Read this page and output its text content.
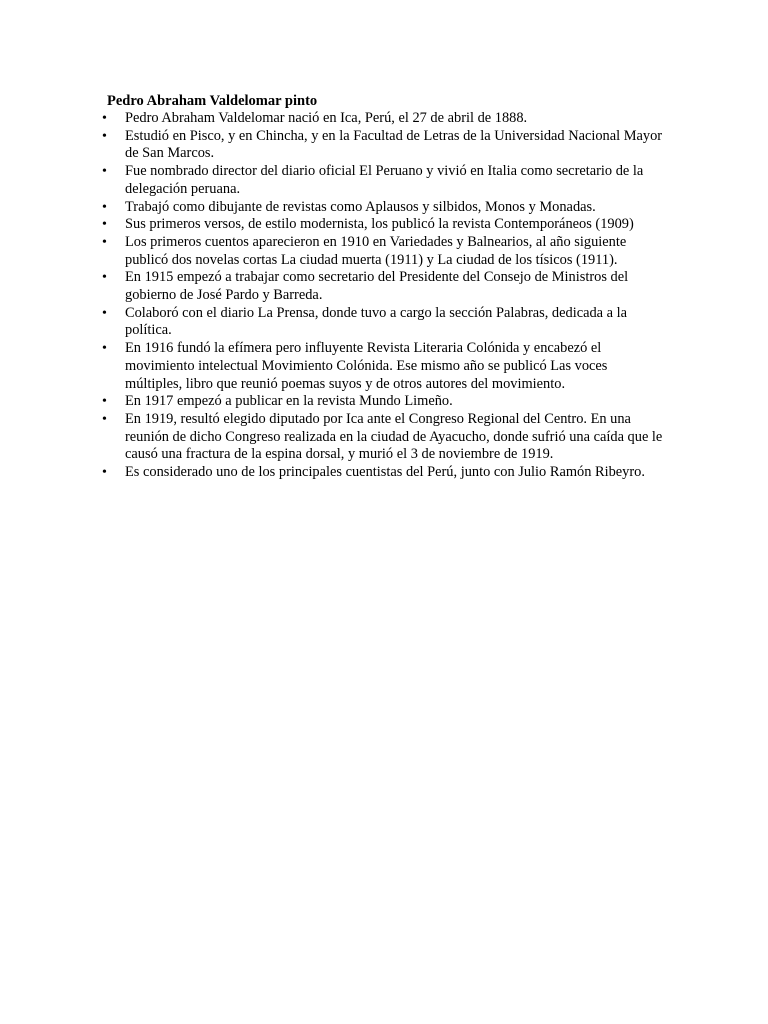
Pedro Abraham Valdelomar pinto

• Pedro Abraham Valdelomar nació en Ica, Perú, el 27 de abril de 1888.
• Estudió en Pisco, y en Chincha, y en la Facultad de Letras de la Universidad Nacional Mayor de San Marcos.
• Fue nombrado director del diario oficial El Peruano y vivió en Italia como secretario de la delegación peruana.
• Trabajó como dibujante de revistas como Aplausos y silbidos, Monos y Monadas.
• Sus primeros versos, de estilo modernista, los publicó la revista Contemporáneos (1909)
• Los primeros cuentos aparecieron en 1910 en Variedades y Balnearios, al año siguiente publicó dos novelas cortas La ciudad muerta (1911) y La ciudad de los tísicos (1911).
• En 1915 empezó a trabajar como secretario del Presidente del Consejo de Ministros del gobierno de José Pardo y Barreda.
• Colaboró con el diario La Prensa, donde tuvo a cargo la sección Palabras, dedicada a la política.
• En 1916 fundó la efímera pero influyente Revista Literaria Colónida y encabezó el movimiento intelectual Movimiento Colónida. Ese mismo año se publicó Las voces múltiples, libro que reunió poemas suyos y de otros autores del movimiento.
• En 1917 empezó a publicar en la revista Mundo Limeño.
• En 1919, resultó elegido diputado por Ica ante el Congreso Regional del Centro. En una reunión de dicho Congreso realizada en la ciudad de Ayacucho, donde sufrió una caída que le causó una fractura de la espina dorsal, y murió el 3 de noviembre de 1919.
• Es considerado uno de los principales cuentistas del Perú, junto con Julio Ramón Ribeyro.
